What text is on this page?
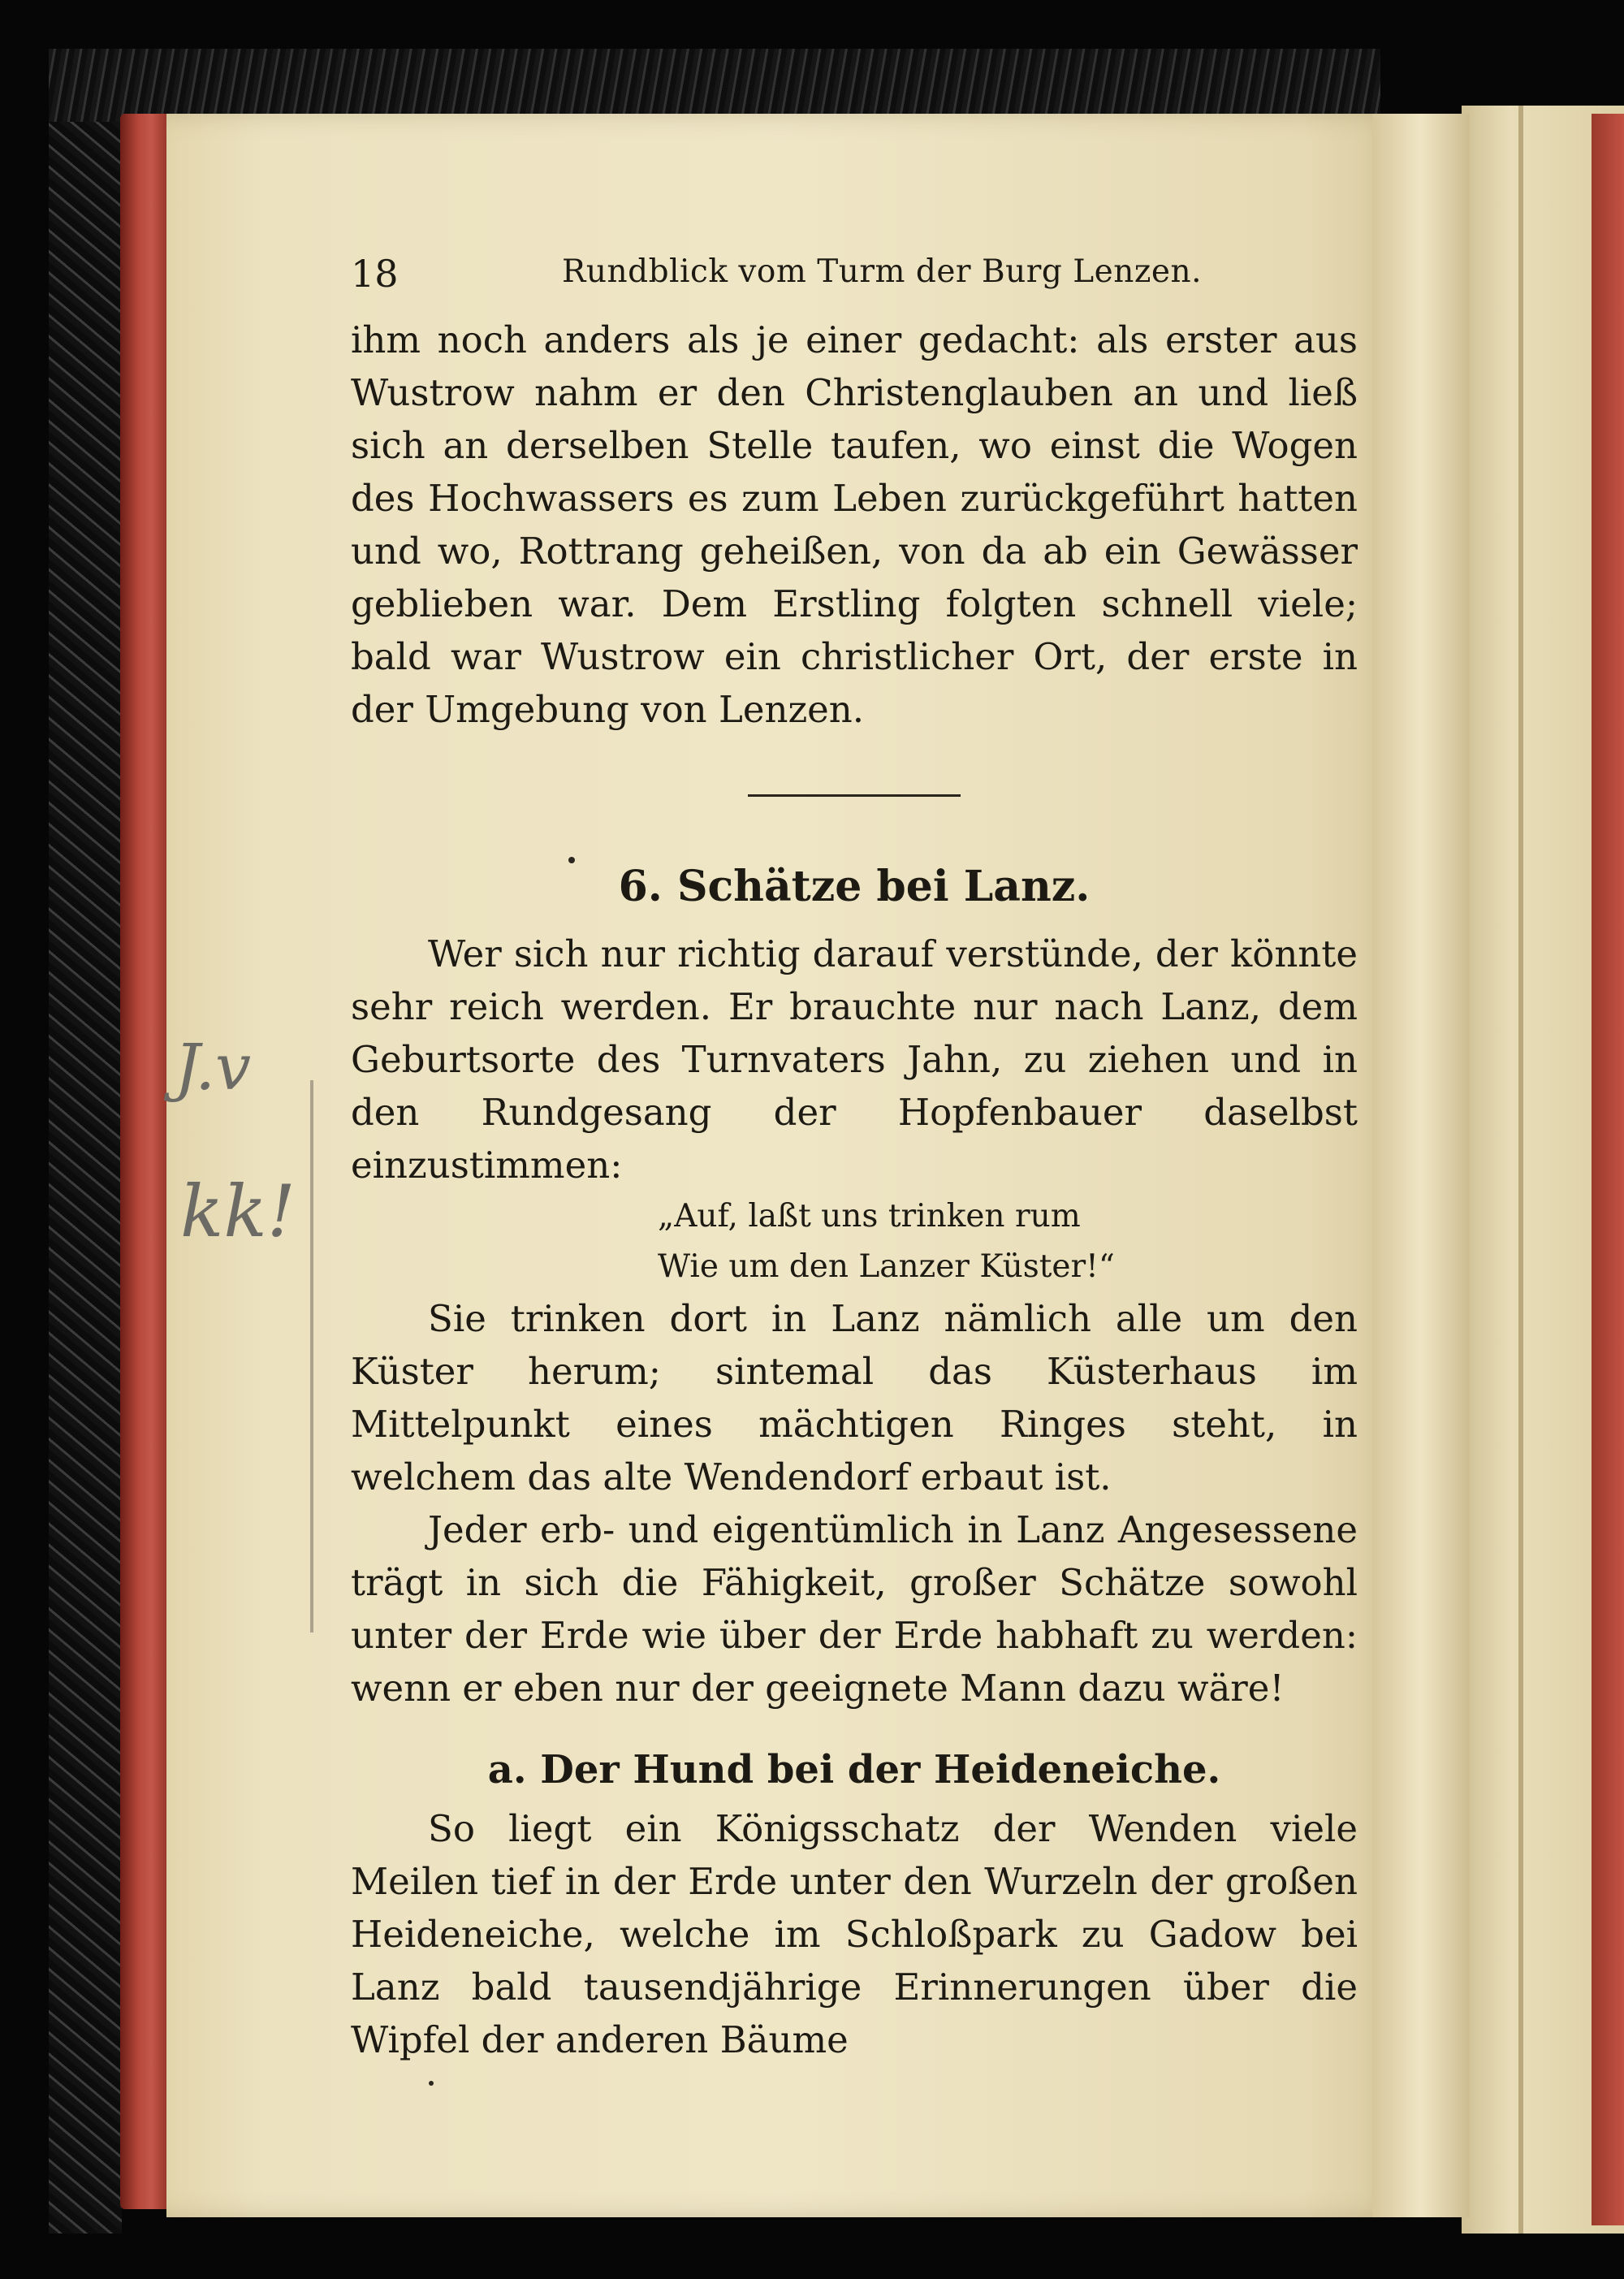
J.v
kk!
18	Rundblick vom Turm der Burg Lenzen.

ihm noch anders als je einer gedacht: als erster aus Wustrow nahm er den Christenglauben an und ließ sich an derselben Stelle taufen, wo einst die Wogen des Hochwassers es zum Leben zurückgeführt hatten und wo, Rottrang geheißen, von da ab ein Gewässer geblieben war. Dem Erstling folgten schnell viele; bald war Wustrow ein christlicher Ort, der erste in der Umgebung von Lenzen.

6. Schätze bei Lanz.

Wer sich nur richtig darauf verstünde, der könnte sehr reich werden. Er brauchte nur nach Lanz, dem Geburtsorte des Turnvaters Jahn, zu ziehen und in den Rundgesang der Hopfenbauer daselbst einzustimmen:

„Auf, laßt uns trinken rum
Wie um den Lanzer Küster!“

Sie trinken dort in Lanz nämlich alle um den Küster herum; sintemal das Küsterhaus im Mittelpunkt eines mächtigen Ringes steht, in welchem das alte Wendendorf erbaut ist.

Jeder erb- und eigentümlich in Lanz Angesessene trägt in sich die Fähigkeit, großer Schätze sowohl unter der Erde wie über der Erde habhaft zu werden: wenn er eben nur der geeignete Mann dazu wäre!

a. Der Hund bei der Heideneiche.

So liegt ein Königsschatz der Wenden viele Meilen tief in der Erde unter den Wurzeln der großen Heideneiche, welche im Schloßpark zu Gadow bei Lanz bald tausendjährige Erinnerungen über die Wipfel der anderen Bäume
